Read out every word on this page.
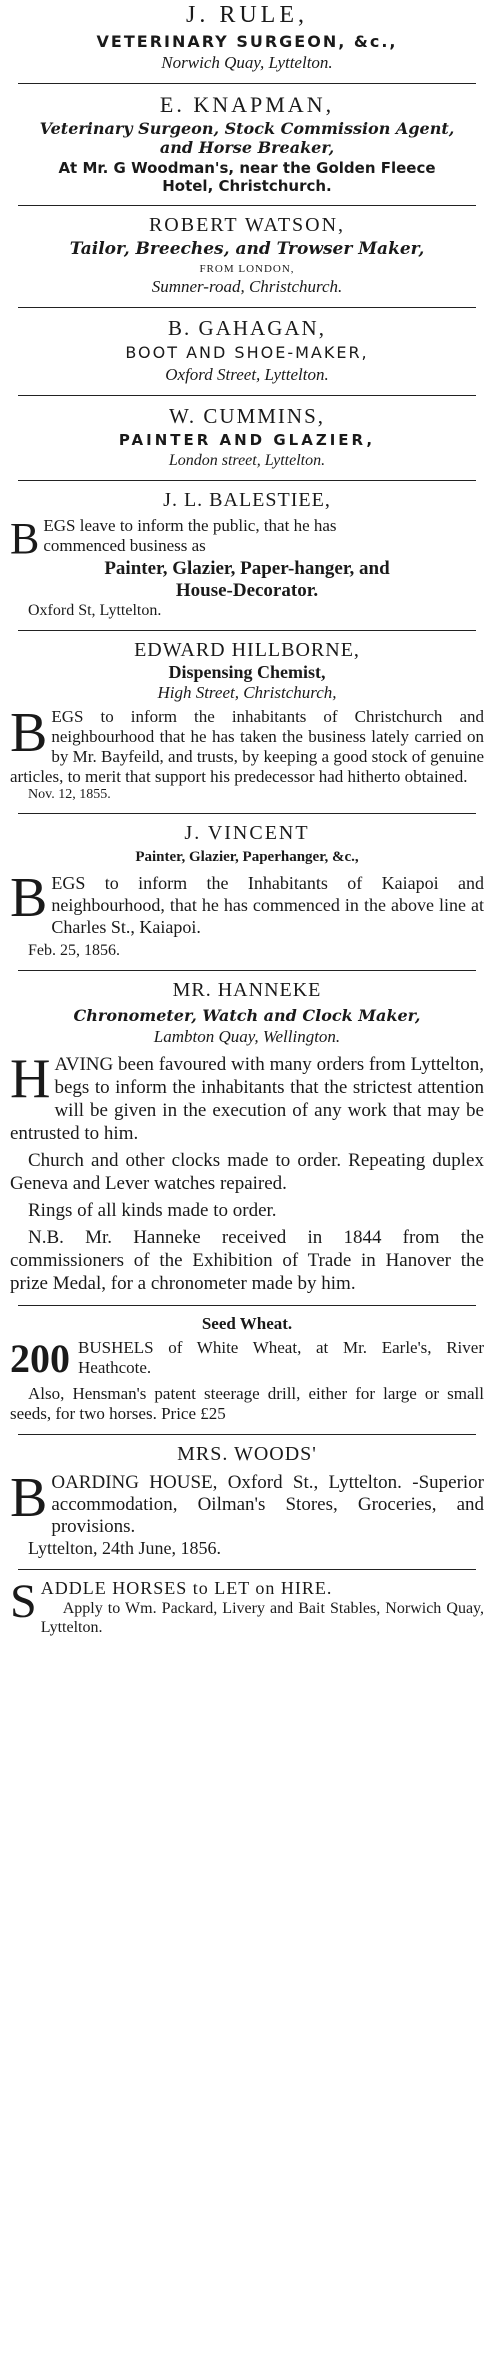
J. RULE,
VETERINARY SURGEON, &c.,
Norwich Quay, Lyttelton.
E. KNAPMAN,
Veterinary Surgeon, Stock Commission Agent,
and Horse Breaker,
At Mr. G Woodman's, near the Golden Fleece
Hotel, Christchurch.
ROBERT WATSON,
Tailor, Breeches, and Trowser Maker,
FROM LONDON,
Sumner-road, Christchurch.
B. GAHAGAN,
BOOT AND SHOE-MAKER,
Oxford Street, Lyttelton.
W. CUMMINS,
PAINTER AND GLAZIER,
London street, Lyttelton.
J. L. BALESTIEE,
B EGS leave to inform the public, that he has
commenced business as
Painter, Glazier, Paper-hanger, and
House-Decorator.
Oxford St, Lyttelton.
EDWARD HILLBORNE,
Dispensing Chemist,
High Street, Christchurch,
B EGS to inform the inhabitants of Christchurch and neighbourhood that he has taken the business lately carried on by Mr. Bayfeild, and trusts, by keeping a good stock of genuine articles, to merit that support his predecessor had hitherto obtained.

Nov. 12, 1855.
J. VINCENT
Painter, Glazier, Paperhanger, &c.,
B EGS to inform the Inhabitants of Kaiapoi and neighbourhood, that he has commenced in the above line at Charles St., Kaiapoi.

Feb. 25, 1856.
MR. HANNEKE
Chronometer, Watch and Clock Maker,
Lambton Quay, Wellington.
H AVING been favoured with many orders from Lyttelton, begs to inform the inhabitants that the strictest attention will be given in the execution of any work that may be entrusted to him.

Church and other clocks made to order. Repeating duplex Geneva and Lever watches repaired.

Rings of all kinds made to order.

N.B. Mr. Hanneke received in 1844 from the commissioners of the Exhibition of Trade in Hanover the prize Medal, for a chronometer made by him.

Seed Wheat.
200 BUSHELS of White Wheat, at Mr. Earle's, River Heathcote.

Also, Hensman's patent steerage drill, either for large or small seeds, for two horses. Price £25

MRS. WOODS'
B OARDING HOUSE, Oxford St., Lyttelton. -Superior accommodation, Oilman's Stores, Groceries, and provisions.

Lyttelton, 24th June, 1856.
S ADDLE HORSES to LET on HIRE.

Apply to Wm. Packard, Livery and Bait Stables, Norwich Quay, Lyttelton.
